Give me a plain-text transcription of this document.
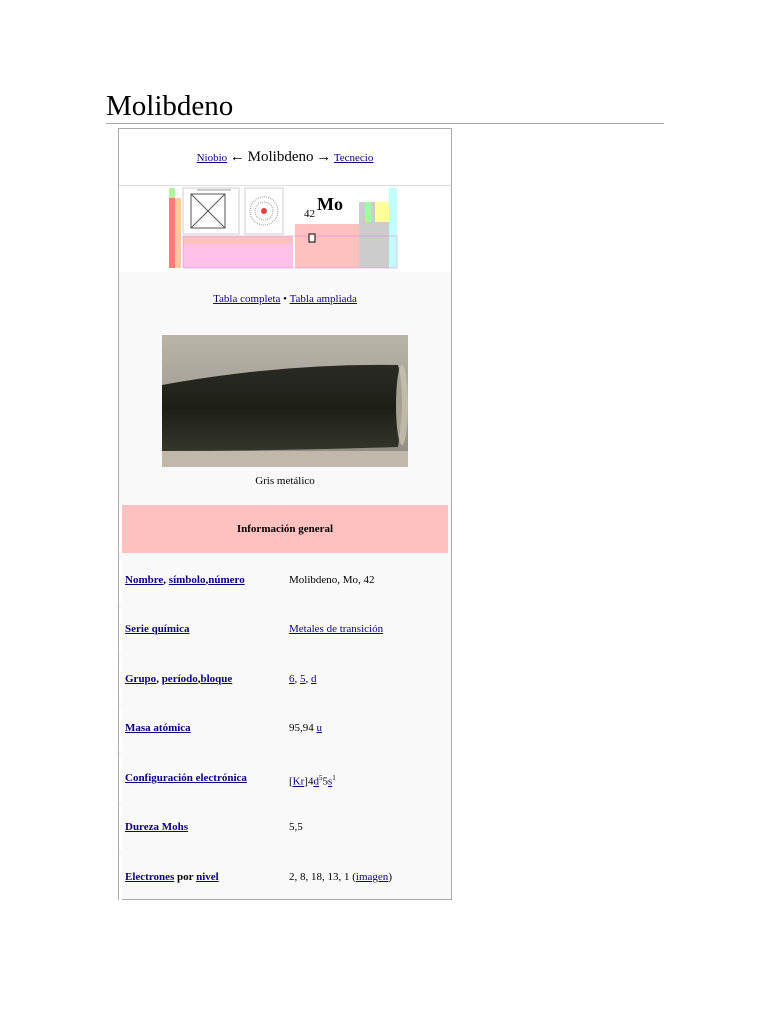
Molibdeno
Niobio ← Molibdeno → Tecnecio
42 Mo
Tabla completa • Tabla ampliada
Gris metálico
Información general
Nombre, símbolo,número	Molibdeno, Mo, 42
Serie química	Metales de transición
Grupo, período,bloque	6, 5, d
Masa atómica	95,94 u
Configuración electrónica	$[Kr]4d^55s^1$
Dureza Mohs	5,5
Electrones por nivel	2, 8, 18, 13, 1 (imagen)
